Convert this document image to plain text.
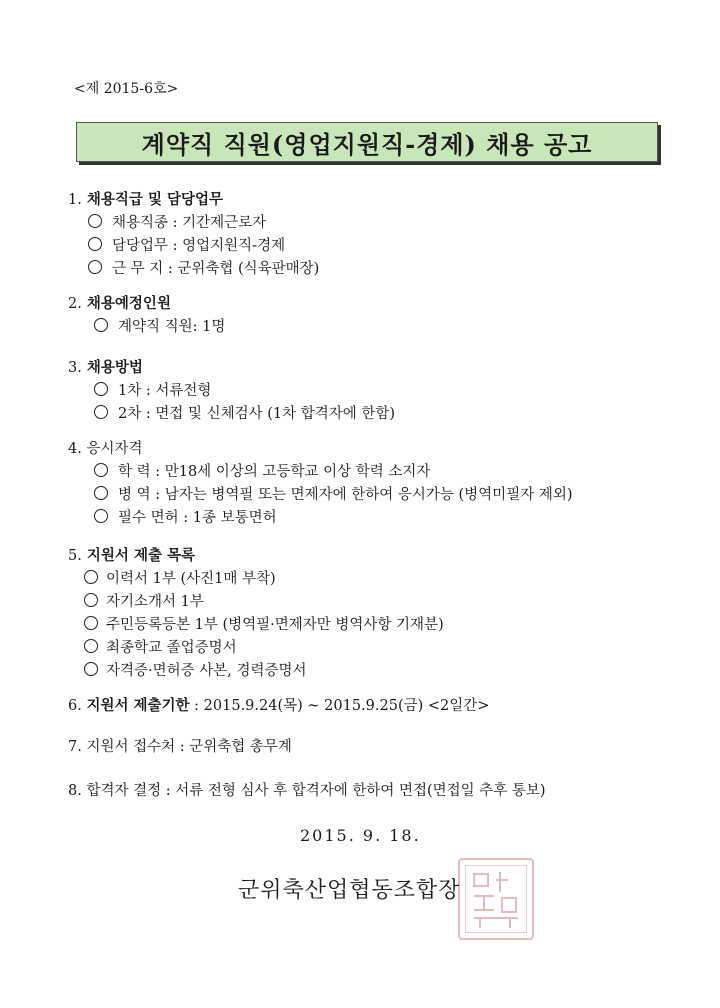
<제 2015-6호>
계약직 직원(영업지원직-경제) 채용 공고
1. 채용직급 및 담당업무
채용직종 : 기간제근로자
담당업무 : 영업지원직-경제
근 무 지 : 군위축협 (식육판매장)
2. 채용예정인원
계약직 직원: 1명
3. 채용방법
1차 : 서류전형
2차 : 면접 및 신체검사 (1차 합격자에 한함)
4. 응시자격
학 력 : 만18세 이상의 고등학교 이상 학력 소지자
병 역 : 남자는 병역필 또는 면제자에 한하여 응시가능 (병역미필자 제외)
필수 면허 : 1종 보통면허
5. 지원서 제출 목록
이력서 1부 (사진1매 부착)
자기소개서 1부
주민등록등본 1부 (병역필·면제자만 병역사항 기재분)
최종학교 졸업증명서
자격증·면허증 사본, 경력증명서
6. 지원서 제출기한 : 2015.9.24(목) ~ 2015.9.25(금) <2일간>
7. 지원서 접수처 : 군위축협 총무계
8. 합격자 결정 : 서류 전형 심사 후 합격자에 한하여 면접(면접일 추후 통보)
2015. 9. 18.
군위축산업협동조합장
